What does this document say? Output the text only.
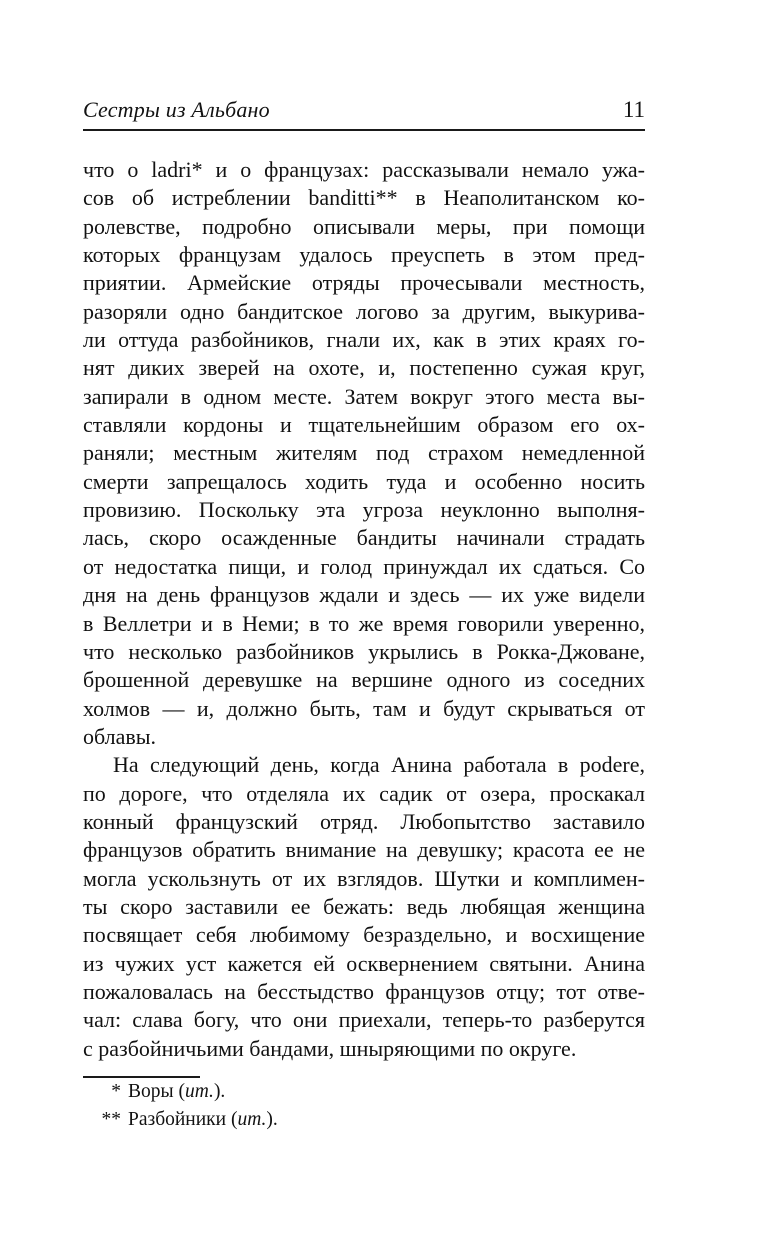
Сестры из Альбано	11
что о ladri* и о французах: рассказывали немало ужа-
сов об истреблении banditti** в Неаполитанском ко-
ролевстве, подробно описывали меры, при помощи
которых французам удалось преуспеть в этом пред-
приятии. Армейские отряды прочесывали местность,
разоряли одно бандитское логово за другим, выкурива-
ли оттуда разбойников, гнали их, как в этих краях го-
нят диких зверей на охоте, и, постепенно сужая круг,
запирали в одном месте. Затем вокруг этого места вы-
ставляли кордоны и тщательнейшим образом его ох-
раняли; местным жителям под страхом немедленной
смерти запрещалось ходить туда и особенно носить
провизию. Поскольку эта угроза неуклонно выполня-
лась, скоро осажденные бандиты начинали страдать
от недостатка пищи, и голод принуждал их сдаться. Со
дня на день французов ждали и здесь — их уже видели
в Веллетри и в Неми; в то же время говорили уверенно,
что несколько разбойников укрылись в Рокка-Джоване,
брошенной деревушке на вершине одного из соседних
холмов — и, должно быть, там и будут скрываться от
облавы.
На следующий день, когда Анина работала в podere,
по дороге, что отделяла их садик от озера, проскакал
конный французский отряд. Любопытство заставило
французов обратить внимание на девушку; красота ее не
могла ускользнуть от их взглядов. Шутки и комплимен-
ты скоро заставили ее бежать: ведь любящая женщина
посвящает себя любимому безраздельно, и восхищение
из чужих уст кажется ей осквернением святыни. Анина
пожаловалась на бесстыдство французов отцу; тот отве-
чал: слава богу, что они приехали, теперь-то разберутся
с разбойничьими бандами, шныряющими по округе.
* Воры (ит.).
** Разбойники (ит.).
